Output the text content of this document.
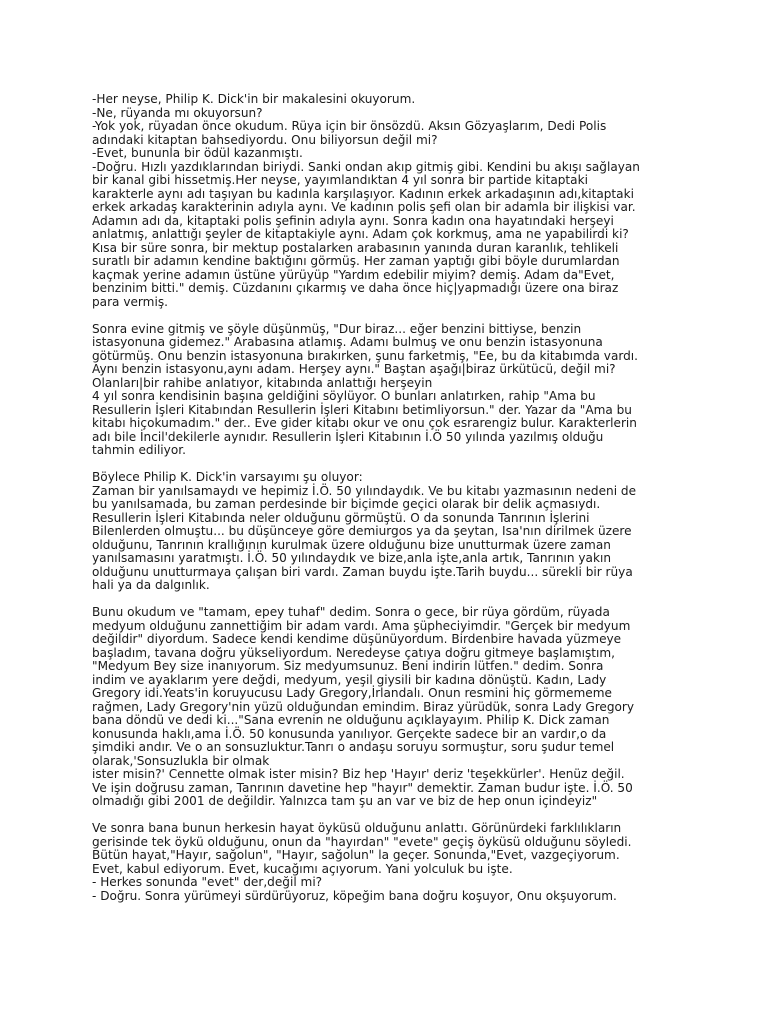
-Her neyse, Philip K. Dick'in bir makalesini okuyorum.
-Ne, rüyanda mı okuyorsun?
-Yok yok, rüyadan önce okudum. Rüya için bir önsözdü. Aksın Gözyaşlarım, Dedi Polis
adındaki kitaptan bahsediyordu. Onu biliyorsun değil mi?
-Evet, bununla bir ödül kazanmıştı.
-Doğru. Hızlı yazdıklarından biriydi. Sanki ondan akıp gitmiş gibi. Kendini bu akışı sağlayan
bir kanal gibi hissetmiş.Her neyse, yayımlandıktan 4 yıl sonra bir partide kitaptaki
karakterle aynı adı taşıyan bu kadınla karşılaşıyor. Kadının erkek arkadaşının adı,kitaptaki
erkek arkadaş karakterinin adıyla aynı. Ve kadının polis şefi olan bir adamla bir ilişkisi var.
Adamın adı da, kitaptaki polis şefinin adıyla aynı. Sonra kadın ona hayatındaki herşeyi
anlatmış, anlattığı şeyler de kitaptakiyle aynı. Adam çok korkmuş, ama ne yapabilirdi ki?
Kısa bir süre sonra, bir mektup postalarken arabasının yanında duran karanlık, tehlikeli
suratlı bir adamın kendine baktığını görmüş. Her zaman yaptığı gibi böyle durumlardan
kaçmak yerine adamın üstüne yürüyüp "Yardım edebilir miyim? demiş. Adam da"Evet,
benzinim bitti." demiş. Cüzdanını çıkarmış ve daha önce hiç|yapmadığı üzere ona biraz
para vermiş.
Sonra evine gitmiş ve şöyle düşünmüş, "Dur biraz... eğer benzini bittiyse, benzin
istasyonuna gidemez." Arabasına atlamış. Adamı bulmuş ve onu benzin istasyonuna
götürmüş. Onu benzin istasyonuna bırakırken, şunu farketmiş, "Ee, bu da kitabımda vardı.
Aynı benzin istasyonu,aynı adam. Herşey aynı." Baştan aşağı|biraz ürkütücü, değil mi?
Olanları|bir rahibe anlatıyor, kitabında anlattığı herşeyin
4 yıl sonra kendisinin başına geldiğini söylüyor. O bunları anlatırken, rahip "Ama bu
Resullerin İşleri Kitabından Resullerin İşleri Kitabını betimliyorsun." der. Yazar da "Ama bu
kitabı hiçokumadım." der.. Eve gider kitabı okur ve onu çok esrarengiz bulur. Karakterlerin
adı bile İncil'dekilerle aynıdır. Resullerin İşleri Kitabının İ.Ö 50 yılında yazılmış olduğu
tahmin ediliyor.
Böylece Philip K. Dick'in varsayımı şu oluyor:
Zaman bir yanılsamaydı ve hepimiz İ.Ö. 50 yılındaydık. Ve bu kitabı yazmasının nedeni de
bu yanılsamada, bu zaman perdesinde bir biçimde geçici olarak bir delik açmasıydı.
Resullerin İşleri Kitabında neler olduğunu görmüştü. O da sonunda Tanrının İşlerini
Bilenlerden olmuştu... bu düşünceye göre demiurgos ya da şeytan, Isa'nın dirilmek üzere
olduğunu, Tanrının krallığının kurulmak üzere olduğunu bize unutturmak üzere zaman
yanılsamasını yaratmıştı. İ.Ö. 50 yılındaydık ve bize,anla işte,anla artık, Tanrının yakın
olduğunu unutturmaya çalışan biri vardı. Zaman buydu işte.Tarih buydu... sürekli bir rüya
hali ya da dalgınlık.
Bunu okudum ve "tamam, epey tuhaf" dedim. Sonra o gece, bir rüya gördüm, rüyada
medyum olduğunu zannettiğim bir adam vardı. Ama şüpheciyimdir. "Gerçek bir medyum
değildir" diyordum. Sadece kendi kendime düşünüyordum. Birdenbire havada yüzmeye
başladım, tavana doğru yükseliyordum. Neredeyse çatıya doğru gitmeye başlamıştım,
"Medyum Bey size inanıyorum. Siz medyumsunuz. Beni indirin lütfen." dedim. Sonra
indim ve ayaklarım yere değdi, medyum, yeşil giysili bir kadına dönüştü. Kadın, Lady
Gregory idi.Yeats'in koruyucusu Lady Gregory,İrlandalı. Onun resmini hiç görmememe
rağmen, Lady Gregory'nin yüzü olduğundan emindim. Biraz yürüdük, sonra Lady Gregory
bana döndü ve dedi ki..."Sana evrenin ne olduğunu açıklayayım. Philip K. Dick zaman
konusunda haklı,ama İ.Ö. 50 konusunda yanılıyor. Gerçekte sadece bir an vardır,o da
şimdiki andır. Ve o an sonsuzluktur.Tanrı o andaşu soruyu sormuştur, soru şudur temel
olarak,'Sonsuzlukla bir olmak
ister misin?' Cennette olmak ister misin? Biz hep 'Hayır' deriz 'teşekkürler'. Henüz değil.
Ve işin doğrusu zaman, Tanrının davetine hep "hayır" demektir. Zaman budur işte. İ.Ö. 50
olmadığı gibi 2001 de değildir. Yalnızca tam şu an var ve biz de hep onun içindeyiz"
Ve sonra bana bunun herkesin hayat öyküsü olduğunu anlattı. Görünürdeki farklılıkların
gerisinde tek öykü olduğunu, onun da "hayırdan" "evete" geçiş öyküsü olduğunu söyledi.
Bütün hayat,"Hayır, sağolun", "Hayır, sağolun" la geçer. Sonunda,"Evet, vazgeçiyorum.
Evet, kabul ediyorum. Evet, kucağımı açıyorum. Yani yolculuk bu işte.
- Herkes sonunda "evet" der,değil mi?
- Doğru. Sonra yürümeyi sürdürüyoruz, köpeğim bana doğru koşuyor, Onu okşuyorum.
